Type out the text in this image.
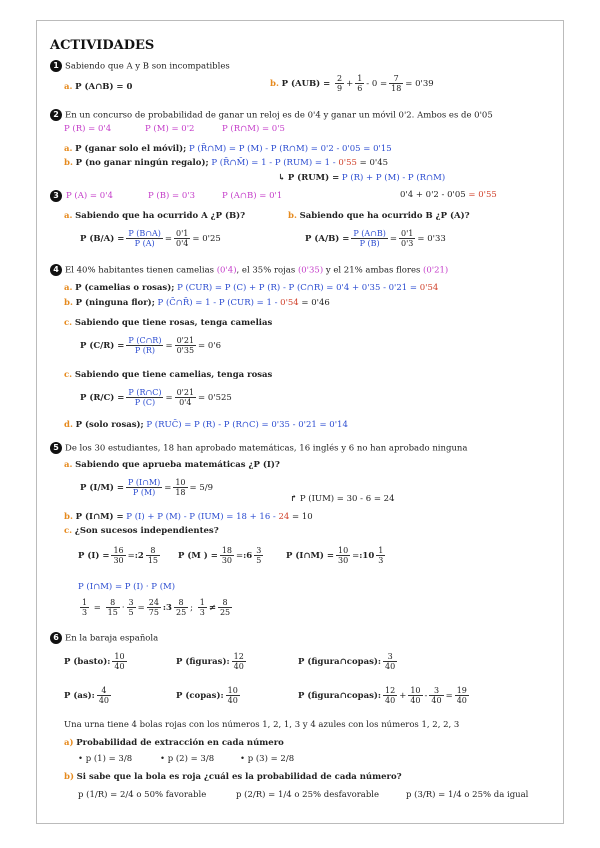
ACTIVIDADES
1 Sabiendo que A y B son incompatibles
a. P (A∩B) = 0	b. P $(AUB) = \frac{2}{9} + \frac{1}{6} - 0 = \frac{7}{18} = 0'39$
2 En un concurso de probabilidad de ganar un reloj es de 0'4 y ganar un móvil 0'2. Ambos es de 0'05
P (R) = 0'4	P (M) = 0'2	P (R∩M) = 0'5
a. P (ganar solo el móvil); P (R̄∩M) = P (M) - P (R∩M) = 0'2 - 0'05 = 0'15
b. P (no ganar ningún regalo); P (R̄∩M̄) = 1 - P (RUM) = 1 - 0'55 = 0'45
↳ P (RUM) = P (R) + P (M) - P (R∩M)
0'4 + 0'2 - 0'05 = 0'55
3 P (A) = 0'4	P (B) = 0'3	P (A∩B) = 0'1
a. Sabiendo que ha ocurrido A ¿P (B)?	b. Sabiendo que ha ocurrido B ¿P (A)?
P $(B/A) = \frac{P (B\cap A)}{P (A)} = \frac{0'1}{0'4} = 0'25$	P $(A/B) = \frac{P (A\cap B)}{P (B)} = \frac{0'1}{0'3} = 0'33$
4 El 40% habitantes tienen camelias (0'4), el 35% rojas (0'35) y el 21% ambas flores (0'21)
a. P (camelias o rosas); P (CUR) = P (C) + P (R) - P (C∩R) = 0'4 + 0'35 - 0'21 = 0'54
b. P (ninguna flor); P (C̄∩R̄) = 1 - P (CUR) = 1 - 0'54 = 0'46
c. Sabiendo que tiene rosas, tenga camelias
P $(C/R) = \frac{P (C\cap R)}{P (R)} = \frac{0'21}{0'35} = 0'6$
c. Sabiendo que tiene camelias, tenga rosas
P $(R/C) = \frac{P (R\cap C)}{P (C)} = \frac{0'21}{0'4} = 0'525$
d. P (solo rosas); P (RUC̄) = P (R) - P (R∩C) = 0'35 - 0'21 = 0'14
5 De los 30 estudiantes, 18 han aprobado matemáticas, 16 inglés y 6 no han aprobado ninguna
a. Sabiendo que aprueba matemáticas ¿P (I)?
P $(I/M) = \frac{P (I\cap M)}{P (M)} = \frac{10}{18} = 5/9$
↱ P (IUM) = 30 - 6 = 24
b. P (I∩M) = P (I) + P (M) - P (IUM) = 18 + 16 - 24 = 10
c. ¿Son sucesos independientes?
P $(I) = \frac{16}{30}$ =:2 $\frac{8}{15}$ P (M ) = $\frac{18}{30}$ =:6 $\frac{3}{5}$	P (I∩M) = $\frac{10}{30}$ =:10 $\frac{1}{3}$
P (I∩M) = P (I) · P (M)
$\frac{1}{3} = \frac{8}{15} \cdot \frac{3}{5} = \frac{24}{75}$ :3 $\frac{8}{25}$ ; $\frac{1}{3} \ne \frac{8}{25}$
6 En la baraja española
P (basto): $\frac{10}{40}$	P (figuras): $\frac{12}{40}$	P (figura∩copas): $\frac{3}{40}$
P (as): $\frac{4}{40}$	P (copas): $\frac{10}{40}$	P (figura∩copas): $\frac{12}{40} + \frac{10}{40} - \frac{3}{40} = \frac{19}{40}$
Una urna tiene 4 bolas rojas con los números 1, 2, 1, 3 y 4 azules con los números 1, 2, 2, 3
a) Probabilidad de extracción en cada número
• p (1) = 3/8	• p (2) = 3/8	• p (3) = 2/8
b) Si sabe que la bola es roja ¿cuál es la probabilidad de cada número?
p (1/R) = 2/4 o 50% favorable	p (2/R) = 1/4 o 25% desfavorable	p (3/R) = 1/4 o 25% da igual
